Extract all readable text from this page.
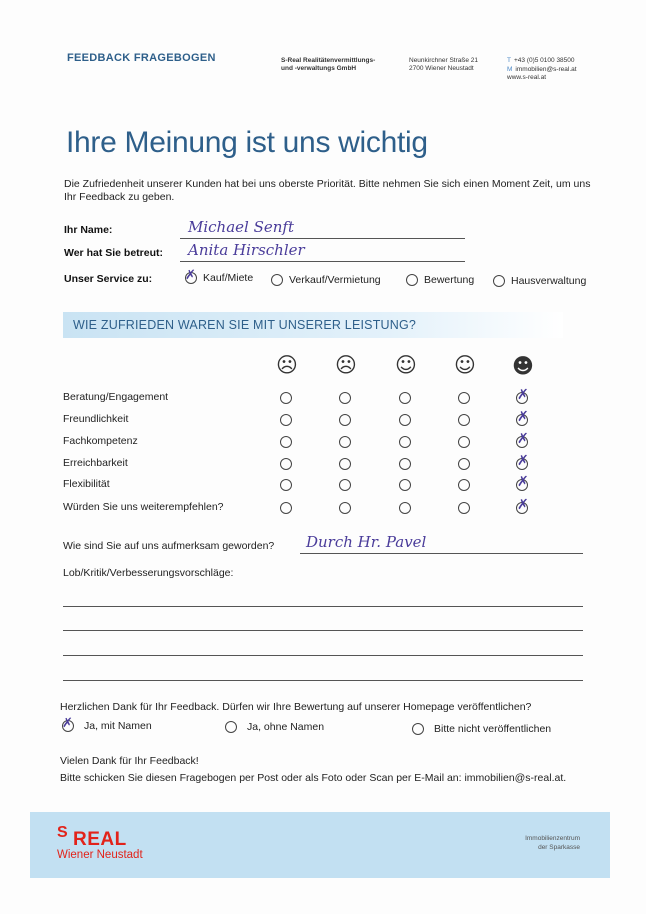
FEEDBACK FRAGEBOGEN	S-Real Realitätenvermittlungs-
und -verwaltungs GmbH
Neunkirchner Straße 21
2700 Wiener Neustadt
T +43 (0)5 0100 38500
M immobilien@s-real.at
www.s-real.at
Ihre Meinung ist uns wichtig
Die Zufriedenheit unserer Kunden hat bei uns oberste Priorität. Bitte nehmen Sie sich einen Moment Zeit, um uns Ihr Feedback zu geben.
Ihr Name:	Michael Senft
Wer hat Sie betreut: Anita Hirschler
Unser Service zu:
✗	Kauf/Miete	Verkauf/Vermietung	Bewertung	Hausverwaltung
WIE ZUFRIEDEN WAREN SIE MIT UNSERER LEISTUNG?
☹ ☹ ☺ ☺ ☻
Beratung/Engagement
Freundlichkeit
Fachkompetenz
Erreichbarkeit
Flexibilität
Würden Sie uns weiterempfehlen?
✗
✗
✗
✗
✗
✗
Wie sind Sie auf uns aufmerksam geworden? Durch Hr. Pavel
Lob/Kritik/Verbesserungsvorschläge:
Herzlichen Dank für Ihr Feedback. Dürfen wir Ihre Bewertung auf unserer Homepage veröffentlichen?
✗
Ja, mit Namen	Ja, ohne Namen	Bitte nicht veröffentlichen
Vielen Dank für Ihr Feedback!
Bitte schicken Sie diesen Fragebogen per Post oder als Foto oder Scan per E-Mail an: immobilien@s-real.at.
S REAL
Wiener Neustadt
Immobilienzentrum
der Sparkasse
